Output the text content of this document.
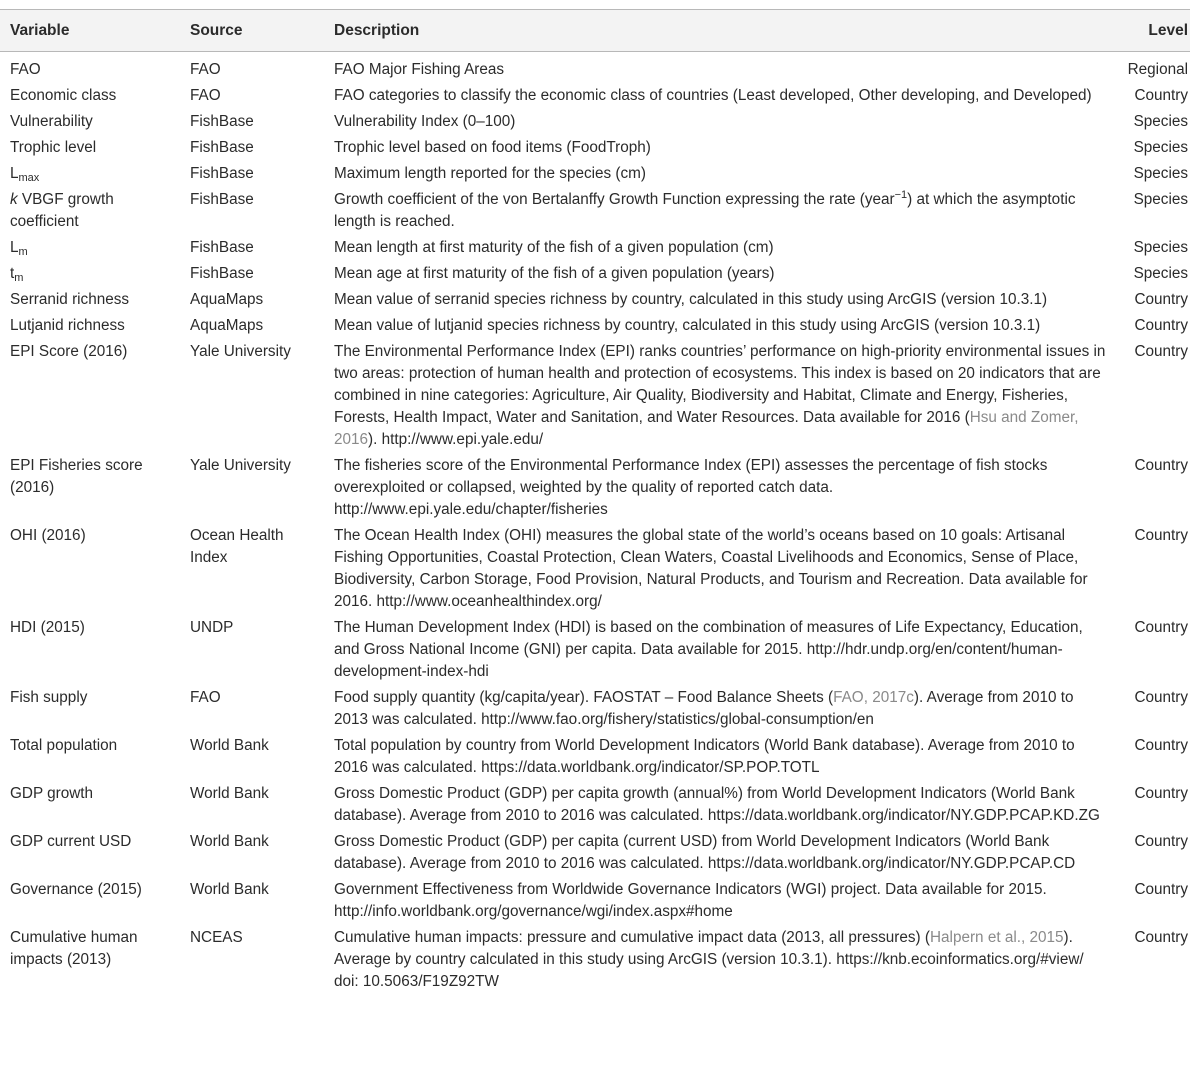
Variable	Source	Description	Level
FAO	FAO	FAO Major Fishing Areas	Regional
Economic class	FAO	FAO categories to classify the economic class of countries (Least developed, Other developing, and Developed)	Country
Vulnerability	FishBase	Vulnerability Index (0–100)	Species
Trophic level	FishBase	Trophic level based on food items (FoodTroph)	Species
$L_{max}$	FishBase	Maximum length reported for the species (cm)	Species
k VBGF growth coefficient	FishBase	Growth coefficient of the von Bertalanffy Growth Function expressing the rate (year$^{-1}$) at which the asymptotic length is reached.	Species
$L_m$	FishBase	Mean length at first maturity of the fish of a given population (cm)	Species
$t_m$	FishBase	Mean age at first maturity of the fish of a given population (years)	Species
Serranid richness	AquaMaps	Mean value of serranid species richness by country, calculated in this study using ArcGIS (version 10.3.1)	Country
Lutjanid richness	AquaMaps	Mean value of lutjanid species richness by country, calculated in this study using ArcGIS (version 10.3.1)	Country
EPI Score (2016)	Yale University	The Environmental Performance Index (EPI) ranks countries’ performance on high-priority environmental issues in two areas: protection of human health and protection of ecosystems. This index is based on 20 indicators that are combined in nine categories: Agriculture, Air Quality, Biodiversity and Habitat, Climate and Energy, Fisheries, Forests, Health Impact, Water and Sanitation, and Water Resources. Data available for 2016 (Hsu and Zomer, 2016). http://www.epi.yale.edu/	Country
EPI Fisheries score (2016)	Yale University	The fisheries score of the Environmental Performance Index (EPI) assesses the percentage of fish stocks overexploited or collapsed, weighted by the quality of reported catch data. http://www.epi.yale.edu/chapter/fisheries	Country
OHI (2016)	Ocean Health Index	The Ocean Health Index (OHI) measures the global state of the world’s oceans based on 10 goals: Artisanal Fishing Opportunities, Coastal Protection, Clean Waters, Coastal Livelihoods and Economics, Sense of Place, Biodiversity, Carbon Storage, Food Provision, Natural Products, and Tourism and Recreation. Data available for 2016. http://www.oceanhealthindex.org/	Country
HDI (2015)	UNDP	The Human Development Index (HDI) is based on the combination of measures of Life Expectancy, Education, and Gross National Income (GNI) per capita. Data available for 2015. http://hdr.undp.org/en/content/human-development-index-hdi	Country
Fish supply	FAO	Food supply quantity (kg/capita/year). FAOSTAT – Food Balance Sheets (FAO, 2017c). Average from 2010 to 2013 was calculated. http://www.fao.org/fishery/statistics/global-consumption/en	Country
Total population	World Bank	Total population by country from World Development Indicators (World Bank database). Average from 2010 to 2016 was calculated. https://data.worldbank.org/indicator/SP.POP.TOTL	Country
GDP growth	World Bank	Gross Domestic Product (GDP) per capita growth (annual%) from World Development Indicators (World Bank database). Average from 2010 to 2016 was calculated. https://data.worldbank.org/indicator/NY.GDP.PCAP.KD.ZG	Country
GDP current USD	World Bank	Gross Domestic Product (GDP) per capita (current USD) from World Development Indicators (World Bank database). Average from 2010 to 2016 was calculated. https://data.worldbank.org/indicator/NY.GDP.PCAP.CD	Country
Governance (2015)	World Bank	Government Effectiveness from Worldwide Governance Indicators (WGI) project. Data available for 2015. http://info.worldbank.org/governance/wgi/index.aspx#home	Country
Cumulative human impacts (2013)	NCEAS	Cumulative human impacts: pressure and cumulative impact data (2013, all pressures) (Halpern et al., 2015). Average by country calculated in this study using ArcGIS (version 10.3.1). https://knb.ecoinformatics.org/#view/ doi: 10.5063/F19Z92TW	Country
